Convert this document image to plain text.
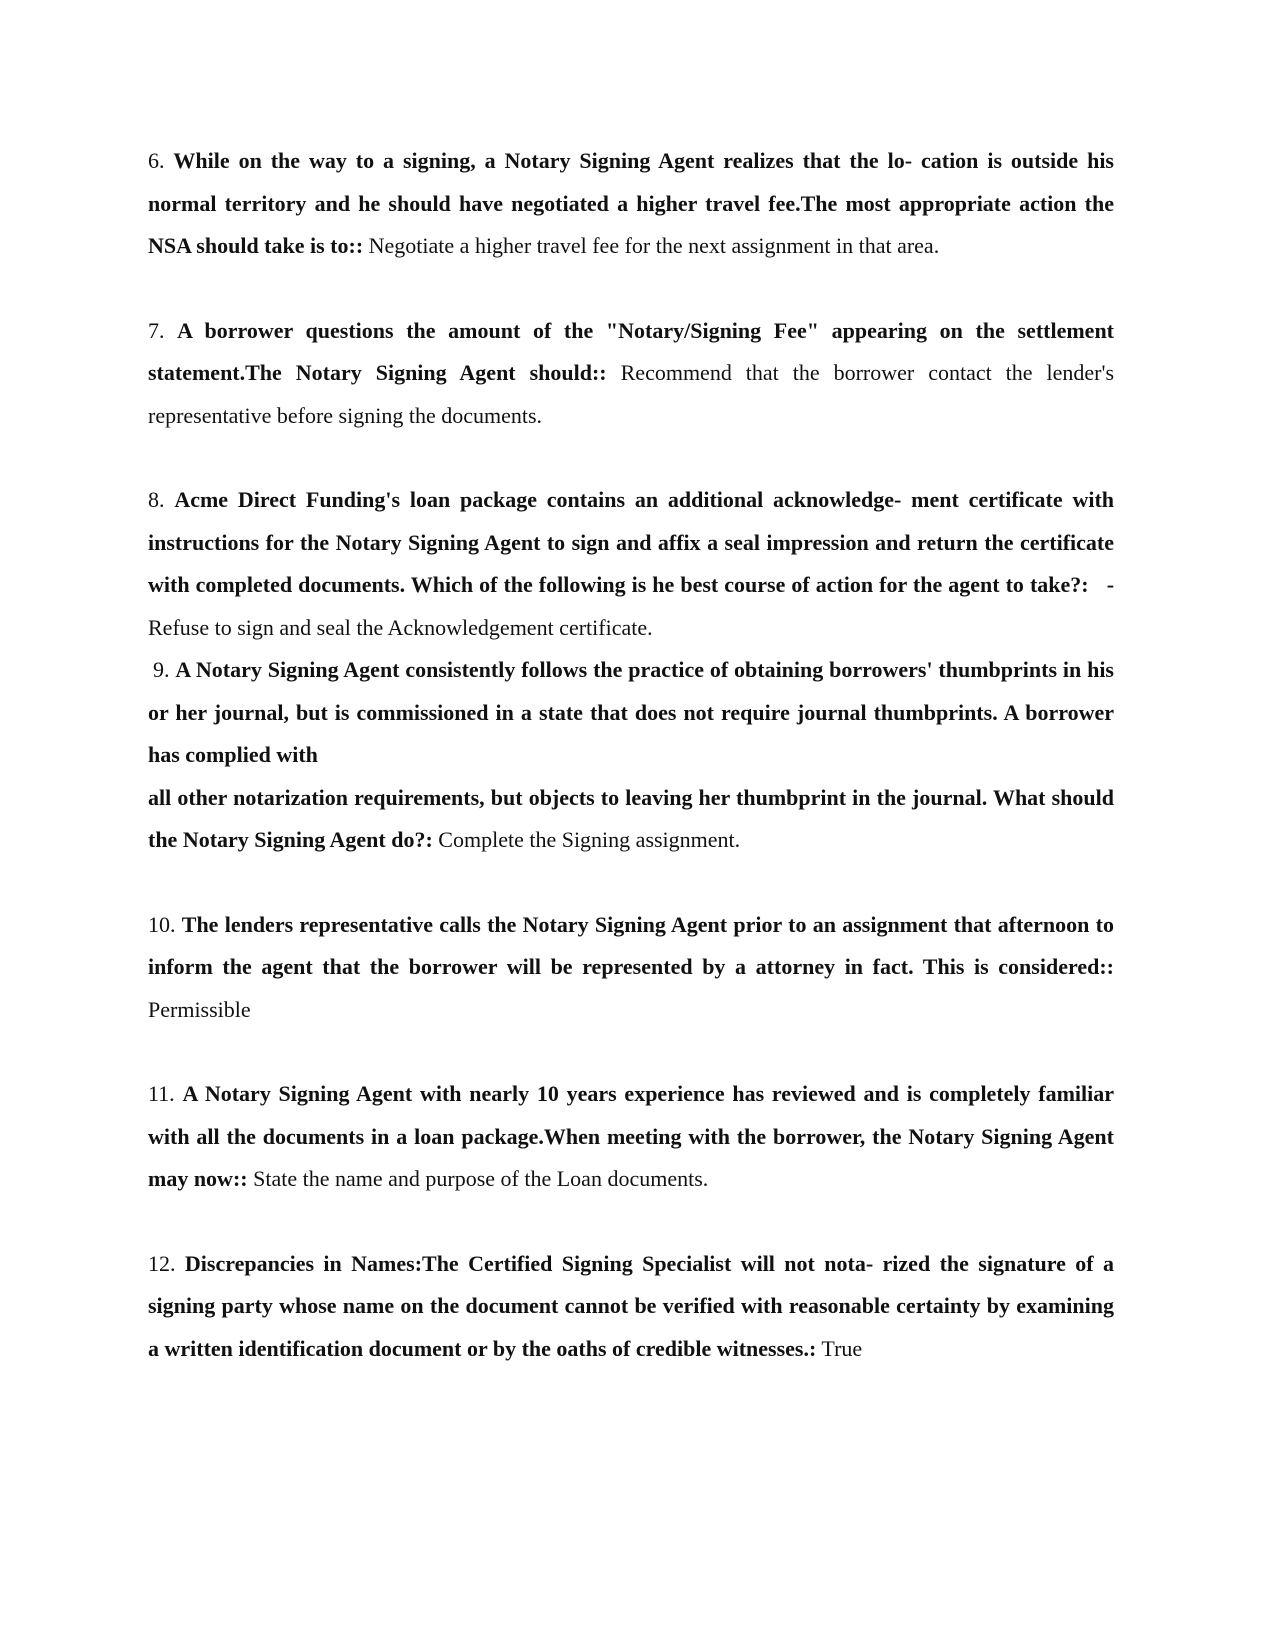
6. While on the way to a signing, a Notary Signing Agent realizes that the lo- cation is outside his normal territory and he should have negotiated a higher travel fee.The most appropriate action the NSA should take is to:: Negotiate a higher travel fee for the next assignment in that area.

7. A borrower questions the amount of the "Notary/Signing Fee" appearing on the settlement statement.The Notary Signing Agent should:: Recommend that the borrower contact the lender's representative before signing the documents.

8. Acme Direct Funding's loan package contains an additional acknowledge- ment certificate with instructions for the Notary Signing Agent to sign and affix a seal impression and return the certificate with completed documents. Which of the following is he best course of action for the agent to take?: - Refuse to sign and seal the Acknowledgement certificate.

9. A Notary Signing Agent consistently follows the practice of obtaining borrowers' thumbprints in his or her journal, but is commissioned in a state that does not require journal thumbprints. A borrower has complied with
all other notarization requirements, but objects to leaving her thumbprint in the journal. What should the Notary Signing Agent do?: Complete the Signing assignment.

10. The lenders representative calls the Notary Signing Agent prior to an assignment that afternoon to inform the agent that the borrower will be represented by a attorney in fact. This is considered:: Permissible

11. A Notary Signing Agent with nearly 10 years experience has reviewed and is completely familiar with all the documents in a loan package.When meeting with the borrower, the Notary Signing Agent may now:: State the name and purpose of the Loan documents.

12. Discrepancies in Names:The Certified Signing Specialist will not nota- rized the signature of a signing party whose name on the document cannot be verified with reasonable certainty by examining a written identification document or by the oaths of credible witnesses.: True
